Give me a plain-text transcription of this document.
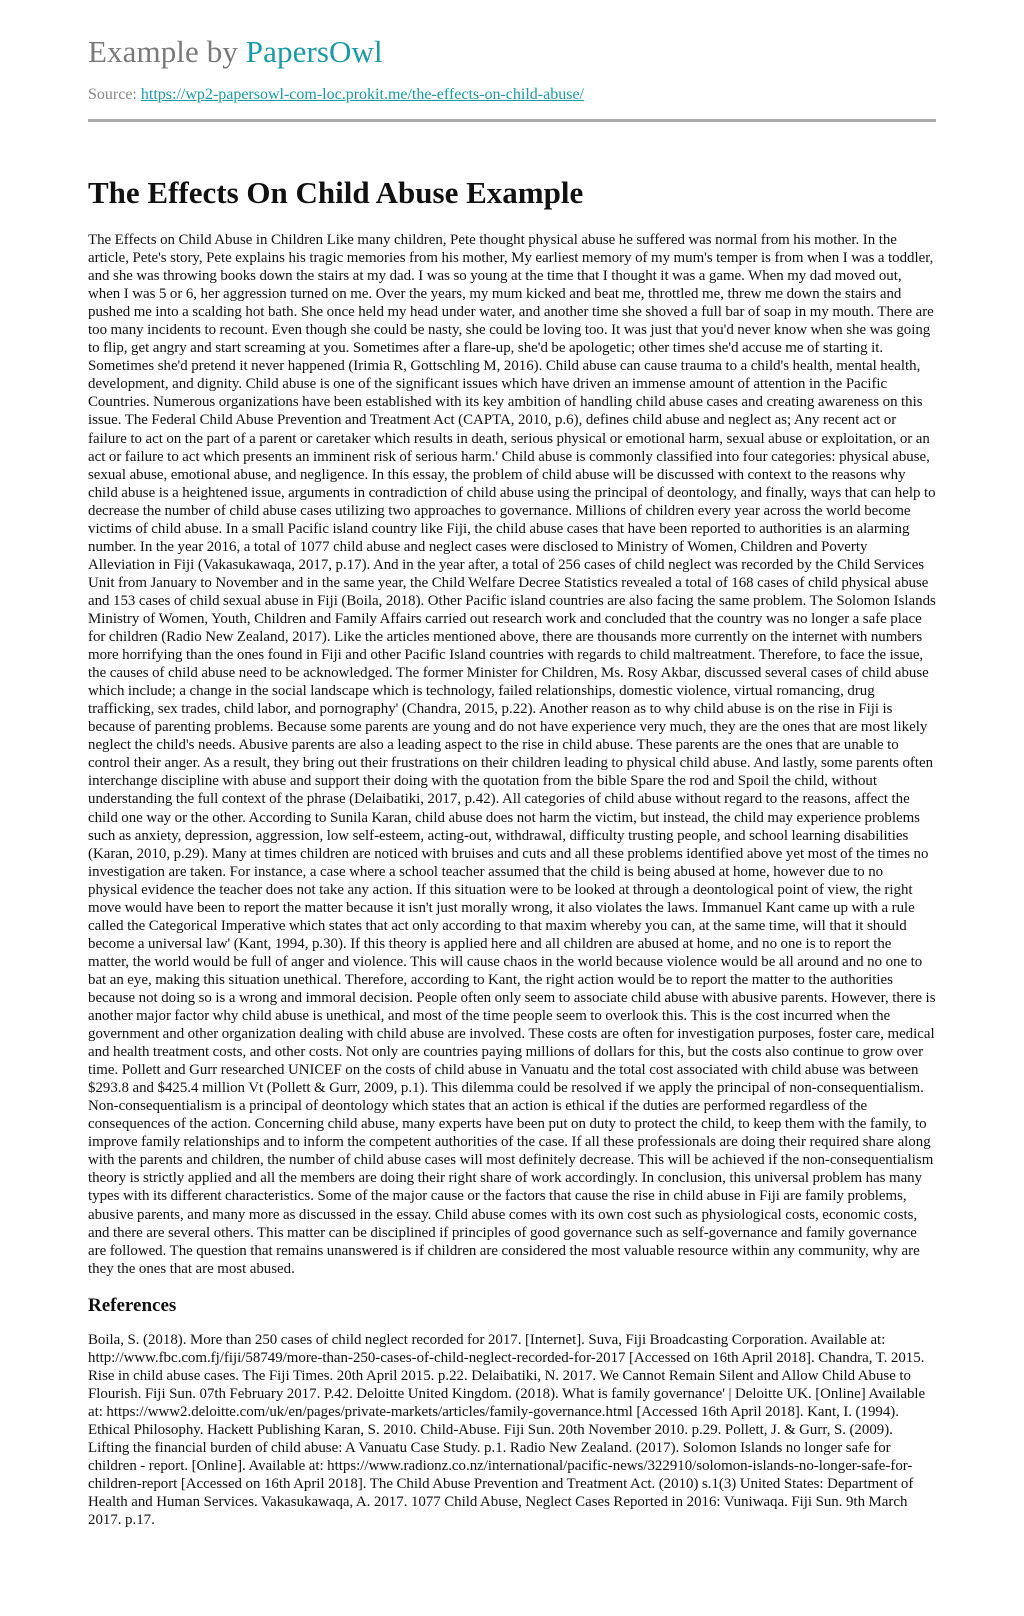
Example by PapersOwl
Source: https://wp2-papersowl-com-loc.prokit.me/the-effects-on-child-abuse/
The Effects On Child Abuse Example
The Effects on Child Abuse in Children Like many children, Pete thought physical abuse he suffered was normal from his mother. In the article, Pete's story, Pete explains his tragic memories from his mother, My earliest memory of my mum's temper is from when I was a toddler, and she was throwing books down the stairs at my dad. I was so young at the time that I thought it was a game. When my dad moved out, when I was 5 or 6, her aggression turned on me. Over the years, my mum kicked and beat me, throttled me, threw me down the stairs and pushed me into a scalding hot bath. She once held my head under water, and another time she shoved a full bar of soap in my mouth. There are too many incidents to recount. Even though she could be nasty, she could be loving too. It was just that you'd never know when she was going to flip, get angry and start screaming at you. Sometimes after a flare-up, she'd be apologetic; other times she'd accuse me of starting it. Sometimes she'd pretend it never happened (Irimia R, Gottschling M, 2016). Child abuse can cause trauma to a child's health, mental health, development, and dignity. Child abuse is one of the significant issues which have driven an immense amount of attention in the Pacific Countries. Numerous organizations have been established with its key ambition of handling child abuse cases and creating awareness on this issue. The Federal Child Abuse Prevention and Treatment Act (CAPTA, 2010, p.6), defines child abuse and neglect as; Any recent act or failure to act on the part of a parent or caretaker which results in death, serious physical or emotional harm, sexual abuse or exploitation, or an act or failure to act which presents an imminent risk of serious harm.' Child abuse is commonly classified into four categories: physical abuse, sexual abuse, emotional abuse, and negligence. In this essay, the problem of child abuse will be discussed with context to the reasons why child abuse is a heightened issue, arguments in contradiction of child abuse using the principal of deontology, and finally, ways that can help to decrease the number of child abuse cases utilizing two approaches to governance. Millions of children every year across the world become victims of child abuse. In a small Pacific island country like Fiji, the child abuse cases that have been reported to authorities is an alarming number. In the year 2016, a total of 1077 child abuse and neglect cases were disclosed to Ministry of Women, Children and Poverty Alleviation in Fiji (Vakasukawaqa, 2017, p.17). And in the year after, a total of 256 cases of child neglect was recorded by the Child Services Unit from January to November and in the same year, the Child Welfare Decree Statistics revealed a total of 168 cases of child physical abuse and 153 cases of child sexual abuse in Fiji (Boila, 2018). Other Pacific island countries are also facing the same problem. The Solomon Islands Ministry of Women, Youth, Children and Family Affairs carried out research work and concluded that the country was no longer a safe place for children (Radio New Zealand, 2017). Like the articles mentioned above, there are thousands more currently on the internet with numbers more horrifying than the ones found in Fiji and other Pacific Island countries with regards to child maltreatment. Therefore, to face the issue, the causes of child abuse need to be acknowledged. The former Minister for Children, Ms. Rosy Akbar, discussed several cases of child abuse which include; a change in the social landscape which is technology, failed relationships, domestic violence, virtual romancing, drug trafficking, sex trades, child labor, and pornography' (Chandra, 2015, p.22). Another reason as to why child abuse is on the rise in Fiji is because of parenting problems. Because some parents are young and do not have experience very much, they are the ones that are most likely neglect the child's needs. Abusive parents are also a leading aspect to the rise in child abuse. These parents are the ones that are unable to control their anger. As a result, they bring out their frustrations on their children leading to physical child abuse. And lastly, some parents often interchange discipline with abuse and support their doing with the quotation from the bible Spare the rod and Spoil the child, without understanding the full context of the phrase (Delaibatiki, 2017, p.42). All categories of child abuse without regard to the reasons, affect the child one way or the other. According to Sunila Karan, child abuse does not harm the victim, but instead, the child may experience problems such as anxiety, depression, aggression, low self-esteem, acting-out, withdrawal, difficulty trusting people, and school learning disabilities (Karan, 2010, p.29). Many at times children are noticed with bruises and cuts and all these problems identified above yet most of the times no investigation are taken. For instance, a case where a school teacher assumed that the child is being abused at home, however due to no physical evidence the teacher does not take any action. If this situation were to be looked at through a deontological point of view, the right move would have been to report the matter because it isn't just morally wrong, it also violates the laws. Immanuel Kant came up with a rule called the Categorical Imperative which states that act only according to that maxim whereby you can, at the same time, will that it should become a universal law' (Kant, 1994, p.30). If this theory is applied here and all children are abused at home, and no one is to report the matter, the world would be full of anger and violence. This will cause chaos in the world because violence would be all around and no one to bat an eye, making this situation unethical. Therefore, according to Kant, the right action would be to report the matter to the authorities because not doing so is a wrong and immoral decision. People often only seem to associate child abuse with abusive parents. However, there is another major factor why child abuse is unethical, and most of the time people seem to overlook this. This is the cost incurred when the government and other organization dealing with child abuse are involved. These costs are often for investigation purposes, foster care, medical and health treatment costs, and other costs. Not only are countries paying millions of dollars for this, but the costs also continue to grow over time. Pollett and Gurr researched UNICEF on the costs of child abuse in Vanuatu and the total cost associated with child abuse was between $293.8 and $425.4 million Vt (Pollett & Gurr, 2009, p.1). This dilemma could be resolved if we apply the principal of non-consequentialism. Non-consequentialism is a principal of deontology which states that an action is ethical if the duties are performed regardless of the consequences of the action. Concerning child abuse, many experts have been put on duty to protect the child, to keep them with the family, to improve family relationships and to inform the competent authorities of the case. If all these professionals are doing their required share along with the parents and children, the number of child abuse cases will most definitely decrease. This will be achieved if the non-consequentialism theory is strictly applied and all the members are doing their right share of work accordingly. In conclusion, this universal problem has many types with its different characteristics. Some of the major cause or the factors that cause the rise in child abuse in Fiji are family problems, abusive parents, and many more as discussed in the essay. Child abuse comes with its own cost such as physiological costs, economic costs, and there are several others. This matter can be disciplined if principles of good governance such as self-governance and family governance are followed. The question that remains unanswered is if children are considered the most valuable resource within any community, why are they the ones that are most abused.
References
Boila, S. (2018). More than 250 cases of child neglect recorded for 2017. [Internet]. Suva, Fiji Broadcasting Corporation. Available at: http://www.fbc.com.fj/fiji/58749/more-than-250-cases-of-child-neglect-recorded-for-2017 [Accessed on 16th April 2018]. Chandra, T. 2015. Rise in child abuse cases. The Fiji Times. 20th April 2015. p.22. Delaibatiki, N. 2017. We Cannot Remain Silent and Allow Child Abuse to Flourish. Fiji Sun. 07th February 2017. P.42. Deloitte United Kingdom. (2018). What is family governance' | Deloitte UK. [Online] Available at: https://www2.deloitte.com/uk/en/pages/private-markets/articles/family-governance.html [Accessed 16th April 2018]. Kant, I. (1994). Ethical Philosophy. Hackett Publishing Karan, S. 2010. Child-Abuse. Fiji Sun. 20th November 2010. p.29. Pollett, J. & Gurr, S. (2009). Lifting the financial burden of child abuse: A Vanuatu Case Study. p.1. Radio New Zealand. (2017). Solomon Islands no longer safe for children - report. [Online]. Available at: https://www.radionz.co.nz/international/pacific-news/322910/solomon-islands-no-longer-safe-for-children-report [Accessed on 16th April 2018]. The Child Abuse Prevention and Treatment Act. (2010) s.1(3) United States: Department of Health and Human Services. Vakasukawaqa, A. 2017. 1077 Child Abuse, Neglect Cases Reported in 2016: Vuniwaqa. Fiji Sun. 9th March 2017. p.17.
